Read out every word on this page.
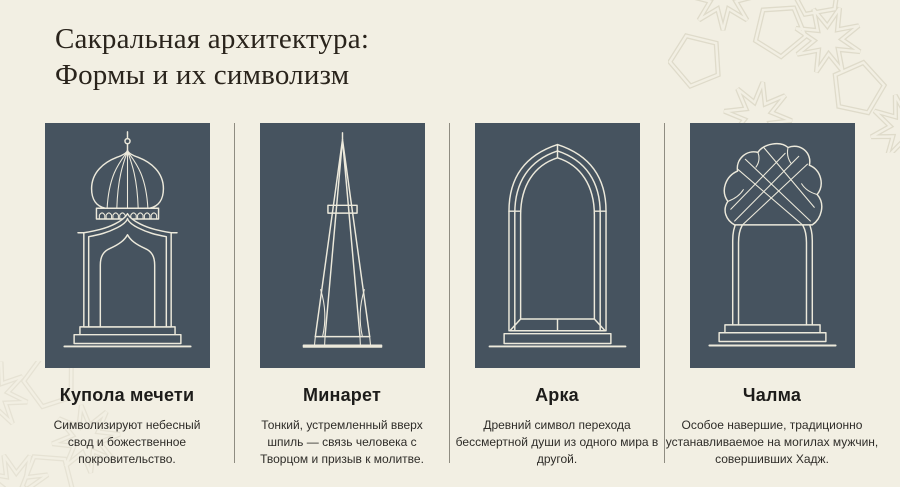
Сакральная архитектура:
Формы и их символизм
Купола мечети

Символизируют небесный свод и божественное покровительство.

Минарет

Тонкий, устремленный вверх шпиль — связь человека с Творцом и призыв к молитве.

Арка

Древний символ перехода бессмертной души из одного мира в другой.

Чалма

Особое навершие, традиционно устанавливаемое на могилах мужчин, совершивших Хадж.
